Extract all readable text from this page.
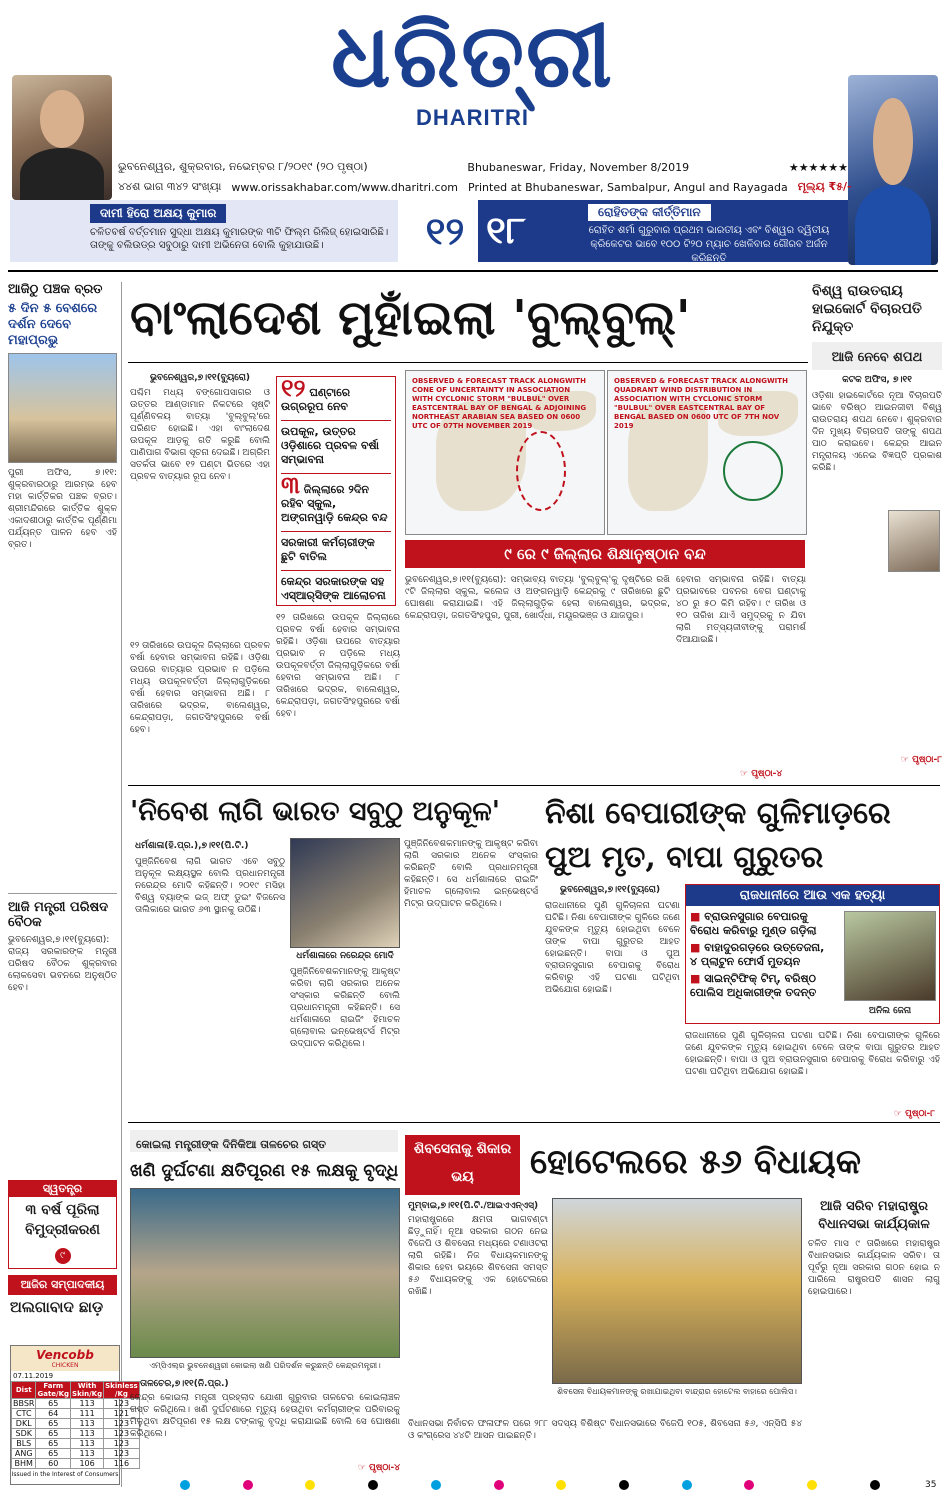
ଧରିତ୍ରୀ
DHARITRI
ଭୁବନେଶ୍ୱର, ଶୁକ୍ରବାର, ନଭେମ୍ବର ୮/୨୦୧୯ (୨୦ ପୃଷ୍ଠା)	Bhubaneswar, Friday, November 8/2019	★★★★★★
୪୪ଶ ଭାଗ ୩୪୨ ସଂଖ୍ୟା www.orissakhabar.com/www.dharitri.com Printed at Bhubaneswar, Sambalpur, Angul and Rayagada ମୂଲ୍ୟ ₹୫/-
ଦାମୀ ହିରୋ ଅକ୍ଷୟ କୁମାର
ଚଳିତବର୍ଷ ବର୍ତ୍ତମାନ ସୁଦ୍ଧା ଅକ୍ଷୟ କୁମାରଙ୍କ ୩ଟି ଫିଲ୍ମ ରିଲିଜ୍ ହୋଇସାରିଛି। ତାଙ୍କୁ ବଲିଉଡ୍‌ର ସବୁଠାରୁ ଦାମୀ ଅଭିନେତା ବୋଲି କୁହାଯାଉଛି।	୧୨ ୧୮	ରୋହିତଙ୍କ କୀର୍ତ୍ତିମାନ
ରୋହିତ ଶର୍ମା ଗୁରୁବାର ପ୍ରଥମ ଭାରତୀୟ ଏବଂ ବିଶ୍ୱର ଦ୍ୱିତୀୟ କ୍ରିକେଟର ଭାବେ ୧୦୦ ଟି୨୦ ମ୍ୟାଚ ଖେଳିବାର ଗୌରବ ଅର୍ଜନ କରିଛନ୍ତି
ଆଜିଠୁ ପଞ୍ଚକ ବ୍ରତ
୫ ଦିନ ୫ ବେଶରେ ଦର୍ଶନ ଦେବେ ମହାପ୍ରଭୁ
ପୁରୀ ଅଫିସ, ୭।୧୧: ଶୁକ୍ରବାରଠାରୁ ଆରମ୍ଭ ହେବ ମହା କାର୍ତ୍ତିକର ପଞ୍ଚକ ବ୍ରତ। ଶ୍ରୀମନ୍ଦିରରେ କାର୍ତ୍ତିକ ଶୁକ୍ଳ ଏକାଦଶୀଠାରୁ କାର୍ତ୍ତିକ ପୂର୍ଣ୍ଣିମା ପର୍ଯ୍ୟନ୍ତ ପାଳନ ହେବ ଏହି ବ୍ରତ।
ଆଜି ମନ୍ତ୍ରୀ ପରିଷଦ ବୈଠକ
ଭୁବନେଶ୍ୱର,୭।୧୧(ବ୍ୟୁରୋ): ରାଜ୍ୟ ସରକାରଙ୍କ ମନ୍ତ୍ରୀ ପରିଷଦ ବୈଠକ ଶୁକ୍ରବାର ଲୋକସେବା ଭବନରେ ଅନୁଷ୍ଠିତ ହେବ।
ସ୍ୱତନ୍ତ୍ର
୩ ବର୍ଷ ପୂରିଲା ବିମୁଦ୍ରୀକରଣ
୯
ଆଜିର ସମ୍ପାଦକୀୟ
ଅଲଗାବାଦ ଛାଡ଼
Vencobb
CHICKEN
07.11.2019
Dist	Farm Gate/Kg	With Skin/Kg	Skinless /Kg
BBSR	65	113	123
CTC	64	111	121
DKL	65	113	123
SDK	65	113	123
BLS	65	113	123
ANG	65	113	123
BHM	60	106	116
Issued in the Interest of Consumers
ବାଂଲାଦେଶ ମୁହାଁଇଲା 'ବୁଲ୍‌ବୁଲ୍'
ଭୁବନେଶ୍ୱର,୭।୧୧(ବ୍ୟୁରୋ)
ପଶ୍ଚିମ ମଧ୍ୟ ବଙ୍ଗୋପସାଗର ଓ ଉତ୍ତର ଆଣ୍ଡାମାନ ନିକଟରେ ସୃଷ୍ଟି ଘୂର୍ଣ୍ଣିବଳୟ ବାତ୍ୟା 'ବୁଲ୍‌ବୁଲ୍'ରେ ପରିଣତ ହୋଇଛି। ଏହା ବାଂଲାଦେଶ ଉପକୂଳ ଆଡ଼କୁ ଗତି କରୁଛି ବୋଲି ପାଣିପାଗ ବିଭାଗ ସୂଚନା ଦେଇଛି। ଅଗ୍ରିମ ସତର୍କତା ଭାବେ ୧୨ ଘଣ୍ଟା ଭିତରେ ଏହା ପ୍ରବଳ ବାତ୍ୟାର ରୂପ ନେବ।
୧୨ ଘଣ୍ଟାରେ ଉଗ୍ରରୂପ ନେବ
ଉପକୂଳ, ଉତ୍ତର ଓଡ଼ିଶାରେ ପ୍ରବଳ ବର୍ଷା ସମ୍ଭାବନା
୩ ଜିଲ୍ଲାରେ ୨ଦିନ ରହିବ ସ୍କୁଲ, ଅଙ୍ଗନୱାଡ଼ି କେନ୍ଦ୍ର ବନ୍ଦ
ସରକାରୀ କର୍ମଚାରୀଙ୍କ ଛୁଟି ବାତିଲ
କେନ୍ଦ୍ର ସରକାରଙ୍କ ସହ ଏସ୍‌ଆର୍‌ସିଙ୍କ ଆଲୋଚନା
OBSERVED & FORECAST TRACK ALONGWITH CONE OF UNCERTAINTY IN ASSOCIATION WITH CYCLONIC STORM "BULBUL" OVER EASTCENTRAL BAY OF BENGAL & ADJOINING NORTHEAST ARABIAN SEA BASED ON 0600 UTC OF 07TH NOVEMBER 2019
OBSERVED & FORECAST TRACK ALONGWITH QUADRANT WIND DISTRIBUTION IN ASSOCIATION WITH CYCLONIC STORM "BULBUL" OVER EASTCENTRAL BAY OF BENGAL BASED ON 0600 UTC OF 7TH NOV 2019
୯ ରେ ୯ ଜିଲ୍ଲାର ଶିକ୍ଷାନୁଷ୍ଠାନ ବନ୍ଦ
ଭୁବନେଶ୍ୱର,୭।୧୧(ବ୍ୟୁରୋ): ସମ୍ଭାବ୍ୟ ବାତ୍ୟା 'ବୁଲ୍‌ବୁଲ୍'କୁ ଦୃଷ୍ଟିରେ ରଖି ୯ଟି ଜିଲ୍ଲାର ସ୍କୁଲ, କଲେଜ ଓ ଅଙ୍ଗନୱାଡ଼ି କେନ୍ଦ୍ରକୁ ୯ ତାରିଖରେ ଛୁଟି ଘୋଷଣା କରାଯାଇଛି। ଏହି ଜିଲ୍ଲାଗୁଡ଼ିକ ହେଲା ବାଲେଶ୍ୱର, ଭଦ୍ରକ, କେନ୍ଦ୍ରାପଡ଼ା, ଜଗତସିଂହପୁର, ପୁରୀ, ଖୋର୍ଦ୍ଧା, ମୟୂରଭଞ୍ଜ ଓ ଯାଜପୁର।
୧୨ ତାରିଖରେ ଉପକୂଳ ଜିଲ୍ଲାରେ ପ୍ରବଳ ବର୍ଷା ହେବାର ସମ୍ଭାବନା ରହିଛି। ଓଡ଼ିଶା ଉପରେ ବାତ୍ୟାର ପ୍ରଭାବ ନ ପଡ଼ିଲେ ମଧ୍ୟ ଉପକୂଳବର୍ତ୍ତୀ ଜିଲ୍ଲାଗୁଡ଼ିକରେ ବର୍ଷା ହେବାର ସମ୍ଭାବନା ଅଛି। ୮ ତାରିଖରେ ଭଦ୍ରକ, ବାଲେଶ୍ୱର, କେନ୍ଦ୍ରାପଡ଼ା, ଜଗତସିଂହପୁରରେ ବର୍ଷା ହେବ।
୧୨ ତାରିଖରେ ଉପକୂଳ ଜିଲ୍ଲାରେ ପ୍ରବଳ ବର୍ଷା ହେବାର ସମ୍ଭାବନା ରହିଛି। ଓଡ଼ିଶା ଉପରେ ବାତ୍ୟାର ପ୍ରଭାବ ନ ପଡ଼ିଲେ ମଧ୍ୟ ଉପକୂଳବର୍ତ୍ତୀ ଜିଲ୍ଲାଗୁଡ଼ିକରେ ବର୍ଷା ହେବାର ସମ୍ଭାବନା ଅଛି। ୮ ତାରିଖରେ ଭଦ୍ରକ, ବାଲେଶ୍ୱର, କେନ୍ଦ୍ରାପଡ଼ା, ଜଗତସିଂହପୁରରେ ବର୍ଷା ହେବ।
ହେବାର ସମ୍ଭାବନା ରହିଛି। ବାତ୍ୟା ପ୍ରଭାବରେ ପବନର ବେଗ ଘଣ୍ଟାକୁ ୪୦ ରୁ ୫୦ କିମି ରହିବ। ୯ ତାରିଖ ଓ ୧୦ ତାରିଖ ଯାଏଁ ସମୁଦ୍ରକୁ ନ ଯିବା ଲାଗି ମତ୍ସ୍ୟଜୀବୀଙ୍କୁ ପରାମର୍ଶ ଦିଆଯାଇଛି।
☞ ପୃଷ୍ଠା-୪
ବିଶ୍ୱ ରାଉତରାୟ ହାଇକୋର୍ଟ ବିଚାରପତି ନିଯୁକ୍ତ
ଆଜି ନେବେ ଶପଥ
କଟକ ଅଫିସ, ୭।୧୧
ଓଡ଼ିଶା ହାଇକୋର୍ଟରେ ନୂଆ ବିଚାରପତି ଭାବେ ବରିଷ୍ଠ ଆଇନଜୀବୀ ବିଶ୍ୱ ରାଉତରାୟ ଶପଥ ନେବେ। ଶୁକ୍ରବାର ଦିନ ମୁଖ୍ୟ ବିଚାରପତି ତାଙ୍କୁ ଶପଥ ପାଠ କରାଇବେ। କେନ୍ଦ୍ର ଆଇନ ମନ୍ତ୍ରାଳୟ ଏନେଇ ବିଜ୍ଞପ୍ତି ପ୍ରକାଶ କରିଛି।
☞ ପୃଷ୍ଠା-୮
'ନିବେଶ ଲାଗି ଭାରତ ସବୁଠୁ ଅନୁକୂଳ'
ଧର୍ମଶାଳା(ହି.ପ୍ର.),୭।୧୧(ପି.ଟି.)
ପୁଞ୍ଜିନିବେଶ ଲାଗି ଭାରତ ଏବେ ସବୁଠୁ ଅନୁକୂଳ ଲକ୍ଷ୍ୟସ୍ଥଳ ବୋଲି ପ୍ରଧାନମନ୍ତ୍ରୀ ନରେନ୍ଦ୍ର ମୋଦି କହିଛନ୍ତି। ୨୦୧୯ ମସିହା ବିଶ୍ୱ ବ୍ୟାଙ୍କ ଇଜ୍ ଅଫ୍ ଡୁଇଂ ବିଜନେସ ତାଲିକାରେ ଭାରତ ୬୩ ସ୍ଥାନକୁ ଉଠିଛି।
ଧର୍ମଶାଳାରେ ନରେନ୍ଦ୍ର ମୋଦି
ପୁଞ୍ଜିନିବେଶକମାନଙ୍କୁ ଆକୃଷ୍ଟ କରିବା ଲାଗି ସରକାର ଅନେକ ସଂସ୍କାର କରିଛନ୍ତି ବୋଲି ପ୍ରଧାନମନ୍ତ୍ରୀ କହିଛନ୍ତି। ସେ ଧର୍ମଶାଳାରେ ରାଇଜିଂ ହିମାଚଳ ଗ୍ଲୋବାଲ ଇନ୍‌ଭେଷ୍ଟର୍ସ ମିଟ୍‌ର ଉଦ୍‌ଘାଟନ କରିଥିଲେ।
ପୁଞ୍ଜିନିବେଶକମାନଙ୍କୁ ଆକୃଷ୍ଟ କରିବା ଲାଗି ସରକାର ଅନେକ ସଂସ୍କାର କରିଛନ୍ତି ବୋଲି ପ୍ରଧାନମନ୍ତ୍ରୀ କହିଛନ୍ତି। ସେ ଧର୍ମଶାଳାରେ ରାଇଜିଂ ହିମାଚଳ ଗ୍ଲୋବାଲ ଇନ୍‌ଭେଷ୍ଟର୍ସ ମିଟ୍‌ର ଉଦ୍‌ଘାଟନ କରିଥିଲେ।
ନିଶା ବେପାରୀଙ୍କ ଗୁଳିମାଡ଼ରେ ପୁଅ ମୃତ, ବାପା ଗୁରୁତର
ଭୁବନେଶ୍ୱର,୭।୧୧(ବ୍ୟୁରୋ)	ରାଜଧାନୀରେ ଆଉ ଏକ ହତ୍ୟା
■ ବ୍ରାଉନସୁଗାର ବେପାରକୁ ବିରୋଧ କରିବାରୁ ମୁଣ୍ଡ ଗଡ଼ିଲା
■ ବାହାଦୁରଗଡ଼ରେ ଉତ୍ତେଜନା, ୪ ପ୍ଲାଟୁନ ଫୋର୍ସ ମୁତୟନ
■ ସାଇନ୍‌ଟିଫିକ୍ ଟିମ୍, ବରିଷ୍ଠ ପୋଲିସ ଅଧିକାରୀଙ୍କ ତଦନ୍ତ
ଅନିଲ ଜେନା
ରାଜଧାନୀରେ ପୁଣି ଗୁଳିଚାଳନା ଘଟଣା ଘଟିଛି। ନିଶା ବେପାରୀଙ୍କ ଗୁଳିରେ ଜଣେ ଯୁବକଙ୍କ ମୃତ୍ୟୁ ହୋଇଥିବା ବେଳେ ତାଙ୍କ ବାପା ଗୁରୁତର ଆହତ ହୋଇଛନ୍ତି। ବାପା ଓ ପୁଅ ବ୍ରାଉନସୁଗାର ବେପାରକୁ ବିରୋଧ କରିବାରୁ ଏହି ଘଟଣା ଘଟିଥିବା ଅଭିଯୋଗ ହୋଇଛି।
ରାଜଧାନୀରେ ପୁଣି ଗୁଳିଚାଳନା ଘଟଣା ଘଟିଛି। ନିଶା ବେପାରୀଙ୍କ ଗୁଳିରେ ଜଣେ ଯୁବକଙ୍କ ମୃତ୍ୟୁ ହୋଇଥିବା ବେଳେ ତାଙ୍କ ବାପା ଗୁରୁତର ଆହତ ହୋଇଛନ୍ତି। ବାପା ଓ ପୁଅ ବ୍ରାଉନସୁଗାର ବେପାରକୁ ବିରୋଧ କରିବାରୁ ଏହି ଘଟଣା ଘଟିଥିବା ଅଭିଯୋଗ ହୋଇଛି।
☞ ପୃଷ୍ଠା-୮
କୋଇଲା ମନ୍ତ୍ରୀଙ୍କ ଦିନିକିଆ ତାଳଚେର ଗସ୍ତ
ଖଣି ଦୁର୍ଘଟଣା କ୍ଷତିପୂରଣ ୧୫ ଲକ୍ଷକୁ ବୃଦ୍ଧି
ଏମ୍‌ସିଏଲ୍‌ର ଭୁବନେଶ୍ୱରୀ କୋଇଲା ଖଣି ପରିଦର୍ଶନ କରୁଛନ୍ତି କେନ୍ଦ୍ରମନ୍ତ୍ରୀ।
ତାଳଚେର,୭।୧୧(ନି.ପ୍ର.)
କେନ୍ଦ୍ର କୋଇଲା ମନ୍ତ୍ରୀ ପ୍ରହ୍ଲାଦ ଯୋଶୀ ଗୁରୁବାର ତାଳଚେର କୋଇଲାଞ୍ଚଳ ଗସ୍ତ କରିଥିଲେ। ଖଣି ଦୁର୍ଘଟଣାରେ ମୃତ୍ୟୁ ହେଉଥିବା କର୍ମଚାରୀଙ୍କ ପରିବାରକୁ ମିଳୁଥିବା କ୍ଷତିପୂରଣ ୧୫ ଲକ୍ଷ ଟଙ୍କାକୁ ବୃଦ୍ଧି କରାଯାଇଛି ବୋଲି ସେ ଘୋଷଣା କରିଥିଲେ।
☞ ପୃଷ୍ଠା-୪
ଶିବସେନାକୁ ଶିକାର ଭୟ	ହୋଟେଲରେ ୫୬ ବିଧାୟକ
ମୁମ୍ବାଇ,୭।୧୧(ପି.ଟି./ଆଇଏଏନ୍‌ଏସ୍)
ମହାରାଷ୍ଟ୍ରରେ କ୍ଷମତା ଭାଗବଣ୍ଟା ଛିଡ଼ୁନାହିଁ। ନୂଆ ସରକାର ଗଠନ ନେଇ ବିଜେପି ଓ ଶିବସେନା ମଧ୍ୟରେ ଟଣାଓଟରା ଲାଗି ରହିଛି। ନିଜ ବିଧାୟକମାନଙ୍କୁ ଶିକାର ହେବା ଭୟରେ ଶିବସେନା ସମସ୍ତ ୫୬ ବିଧାୟକଙ୍କୁ ଏକ ହୋଟେଲରେ ରଖିଛି।
ଶିବସେନା ବିଧାୟକମାନଙ୍କୁ ରଖାଯାଇଥିବା ବାନ୍ଦ୍ରାର ହୋଟେଲ ବାହାରେ ପୋଲିସ।
ବିଧାନସଭା ନିର୍ବାଚନ ଫଳାଫଳ ପରେ ୨୮୮ ସଦସ୍ୟ ବିଶିଷ୍ଟ ବିଧାନସଭାରେ ବିଜେପି ୧୦୫, ଶିବସେନା ୫୬, ଏନ୍‌ସିପି ୫୪ ଓ କଂଗ୍ରେସ ୪୪ଟି ଆସନ ପାଇଛନ୍ତି।
ଆଜି ସରିବ ମହାରାଷ୍ଟ୍ର ବିଧାନସଭା କାର୍ଯ୍ୟକାଳ
ଚଳିତ ମାସ ୯ ତାରିଖରେ ମହାରାଷ୍ଟ୍ର ବିଧାନସଭାର କାର୍ଯ୍ୟକାଳ ସରିବ। ତା ପୂର୍ବରୁ ନୂଆ ସରକାର ଗଠନ ହୋଇ ନ ପାରିଲେ ରାଷ୍ଟ୍ରପତି ଶାସନ ଲାଗୁ ହୋଇପାରେ।
35
